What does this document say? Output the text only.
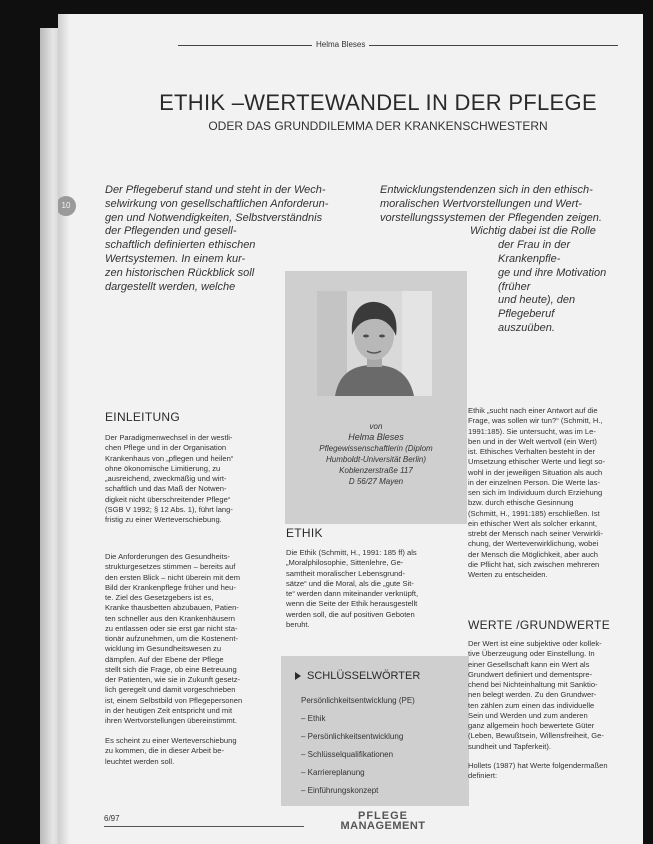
Helma Bleses
ETHIK –WERTEWANDEL IN DER PFLEGE
ODER DAS GRUNDDILEMMA DER KRANKENSCHWESTERN
10
Der Pflegeberuf stand und steht in der Wech-
selwirkung von gesellschaftlichen Anforderun-
gen und Notwendigkeiten, Selbstverständnis
der Pflegenden und gesell-
schaftlich definierten ethischen
Wertsystemen. In einem kur-
zen historischen Rückblick soll
dargestellt werden, welche
Entwicklungstendenzen sich in den ethisch-
moralischen Wertvorstellungen und Wert-
vorstellungssystemen der Pflegenden zeigen.
Wichtig dabei ist die Rolle
der Frau in der Krankenpfle-
ge und ihre Motivation (früher
und heute), den Pflegeberuf
auszuüben.
von
Helma Bleses
Pflegewissenschaftlerin (Diplom
Humboldt-Universität Berlin)
Koblenzerstraße 117
D 56/27 Mayen
EINLEITUNG
Der Paradigmenwechsel in der westli-
chen Pflege und in der Organisation
Krankenhaus von „pflegen und heilen“
ohne ökonomische Limitierung, zu
„ausreichend, zweckmäßig und wirt-
schaftlich und das Maß der Notwen-
digkeit nicht überschreitender Pflege“
(SGB V 1992; § 12 Abs. 1), führt lang-
fristig zu einer Werteverschiebung.
Die Anforderungen des Gesundheits-
strukturgesetzes stimmen – bereits auf
den ersten Blick – nicht überein mit dem
Bild der Krankenpflege früher und heu-
te. Ziel des Gesetzgebers ist es,
Kranke thausbetten abzubauen, Patien-
ten schneller aus den Krankenhäusern
zu entlassen oder sie erst gar nicht sta-
tionär aufzunehmen, um die Kostenent-
wicklung im Gesundheitswesen zu
dämpfen. Auf der Ebene der Pflege
stellt sich die Frage, ob eine Betreuung
der Patienten, wie sie in Zukunft gesetz-
lich geregelt und damit vorgeschrieben
ist, einem Selbstbild von Pflegepersonen
in der heutigen Zeit entspricht und mit
ihren Wertvorstellungen übereinstimmt.
Es scheint zu einer Werteverschiebung
zu kommen, die in dieser Arbeit be-
leuchtet werden soll.
ETHIK
Die Ethik (Schmitt, H., 1991: 185 ff) als
„Moralphilosophie, Sittenlehre, Ge-
samtheit moralischer Lebensgrund-
sätze“ und die Moral, als die „gute Sit-
te“ werden dann miteinander verknüpft,
wenn die Seite der Ethik herausgestellt
werden soll, die auf positiven Geboten
beruht.
SCHLÜSSELWÖRTER
Persönlichkeitsentwicklung (PE)
– Ethik
– Persönlichkeitsentwicklung
– Schlüsselqualifikationen
– Karriereplanung
– Einführungskonzept
Ethik „sucht nach einer Antwort auf die
Frage, was sollen wir tun?“ (Schmitt, H.,
1991:185). Sie untersucht, was im Le-
ben und in der Welt wertvoll (ein Wert)
ist. Ethisches Verhalten besteht in der
Umsetzung ethischer Werte und liegt so-
wohl in der jeweiligen Situation als auch
in der einzelnen Person. Die Werte las-
sen sich im Individuum durch Erziehung
bzw. durch ethische Gesinnung
(Schmitt, H., 1991:185) erschließen. Ist
ein ethischer Wert als solcher erkannt,
strebt der Mensch nach seiner Verwirkli-
chung, der Werteverwirklichung, wobei
der Mensch die Möglichkeit, aber auch
die Pflicht hat, sich zwischen mehreren
Werten zu entscheiden.
WERTE /GRUNDWERTE
Der Wert ist eine subjektive oder kollek-
tive Überzeugung oder Einstellung. In
einer Gesellschaft kann ein Wert als
Grundwert definiert und dementspre-
chend bei Nichteinhaltung mit Sanktio-
nen belegt werden. Zu den Grundwer-
ten zählen zum einen das individuelle
Sein und Werden und zum anderen
ganz allgemein hoch bewertete Güter
(Leben, Bewußtsein, Willensfreiheit, Ge-
sundheit und Tapferkeit).
Hollets (1987) hat Werte folgendermaßen
definiert:
6/97	PFLEGE
MANAGEMENT
